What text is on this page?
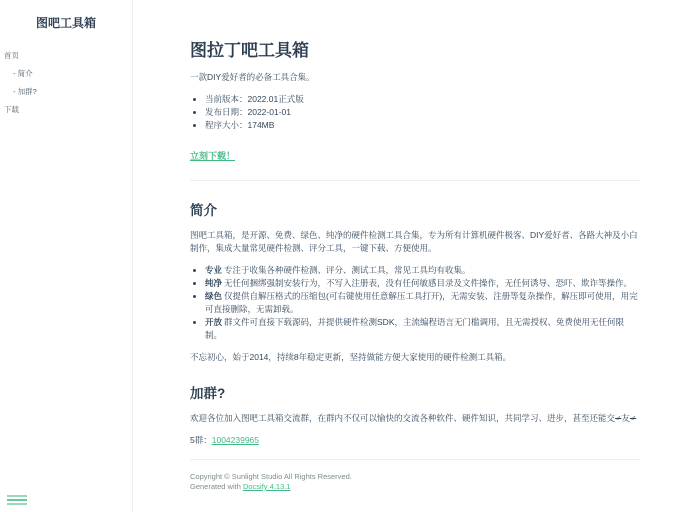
图吧工具箱
首页
- 简介
- 加群?
下载
图拉丁吧工具箱

一款DIY爱好者的必备工具合集。

• 当前版本：2022.01正式版
• 发布日期：2022-01-01
• 程序大小：174MB
立刻下载！
简介

图吧工具箱，是开源、免费、绿色、纯净的硬件检测工具合集，专为所有计算机硬件极客、DIY爱好者、各路大神及小白制作，集成大量常见硬件检测、评分工具，一键下载、方便使用。

• 专业 专注于收集各种硬件检测、评分、测试工具，常见工具均有收集。
• 纯净 无任何捆绑强制安装行为，不写入注册表，没有任何敏感目录及文件操作，无任何诱导、恐吓、欺诈等操作。
• 绿色 仅提供自解压格式的压缩包(可右键使用任意解压工具打开)，无需安装、注册等复杂操作，解压即可使用，用完可直接删除，无需卸载。
• 开放 群文件可直接下载源码，并提供硬件检测SDK，主流编程语言无门槛调用，且无需授权、免费使用无任何限制。

不忘初心，始于2014，持续8年稳定更新，坚持做能方便大家使用的硬件检测工具箱。

加群?

欢迎各位加入图吧工具箱交流群，在群内不仅可以愉快的交流各种软件、硬件知识，共同学习、进步，甚至还能交♂友♂

5群：1004239965

Copyright © Sunlight Studio All Rights Reserved.
Generated with Docsify 4.13.1
